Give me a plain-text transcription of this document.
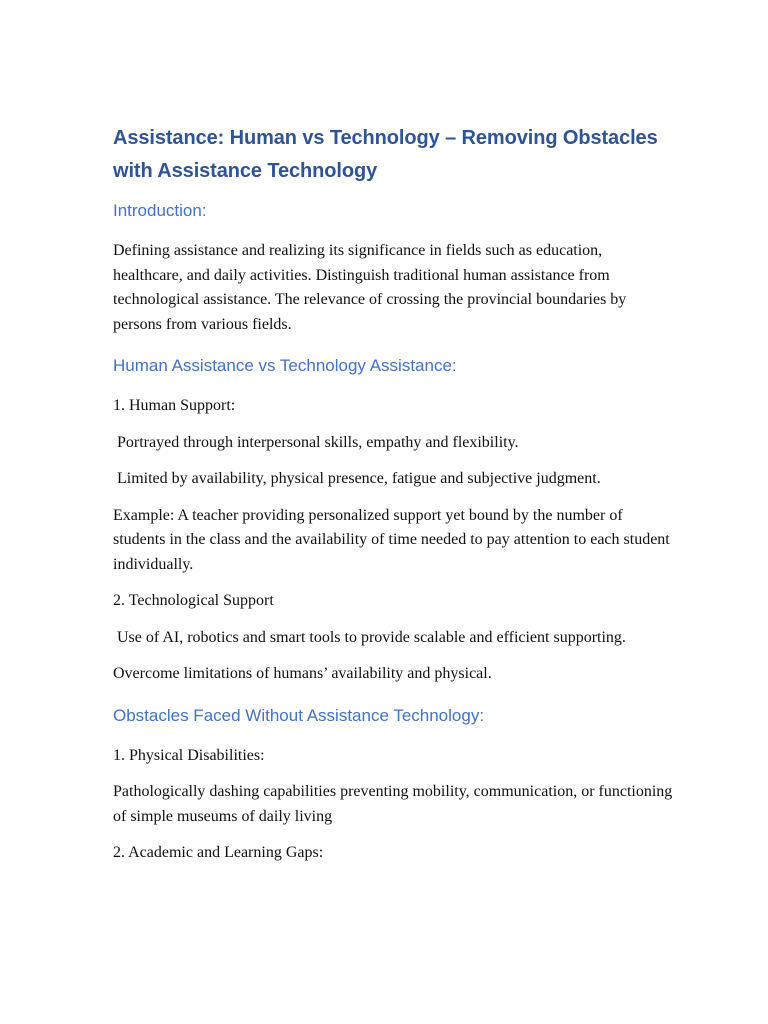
Assistance: Human vs Technology – Removing Obstacles
with Assistance Technology
Introduction:
Defining assistance and realizing its significance in fields such as education, healthcare, and daily activities. Distinguish traditional human assistance from technological assistance. The relevance of crossing the provincial boundaries by persons from various fields.
Human Assistance vs Technology Assistance:
1. Human Support:
Portrayed through interpersonal skills, empathy and flexibility.
Limited by availability, physical presence, fatigue and subjective judgment.
Example: A teacher providing personalized support yet bound by the number of students in the class and the availability of time needed to pay attention to each student individually.
2. Technological Support
Use of AI, robotics and smart tools to provide scalable and efficient supporting.
Overcome limitations of humans’ availability and physical.
Obstacles Faced Without Assistance Technology:
1. Physical Disabilities:
Pathologically dashing capabilities preventing mobility, communication, or functioning of simple museums of daily living
2. Academic and Learning Gaps:
